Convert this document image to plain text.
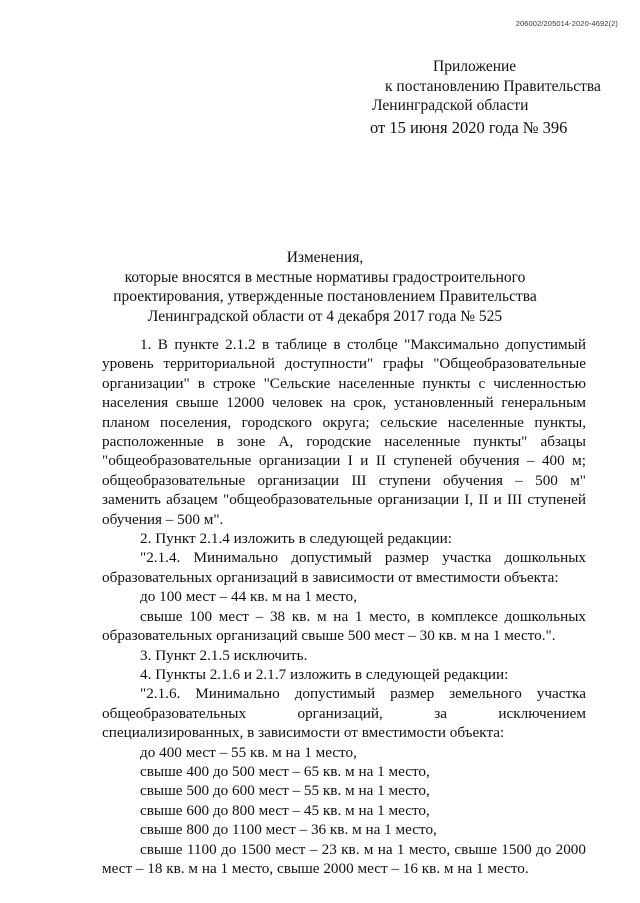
206002/205014-2020-4692(2)
Приложение
к постановлению Правительства
Ленинградской области
от 15 июня 2020 года № 396
Изменения,
которые вносятся в местные нормативы градостроительного
проектирования, утвержденные постановлением Правительства
Ленинградской области от 4 декабря 2017 года № 525

1. В пункте 2.1.2 в таблице в столбце "Максимально допустимый уровень территориальной доступности" графы "Общеобразовательные организации" в строке "Сельские населенные пункты с численностью населения свыше 12000 человек на срок, установленный генеральным планом поселения, городского округа; сельские населенные пункты, расположенные в зоне А, городские населенные пункты" абзацы "общеобразовательные организации I и II ступеней обучения – 400 м; общеобразовательные организации III ступени обучения – 500 м" заменить абзацем "общеобразовательные организации I, II и III ступеней обучения – 500 м".

2. Пункт 2.1.4 изложить в следующей редакции:

"2.1.4. Минимально допустимый размер участка дошкольных образовательных организаций в зависимости от вместимости объекта:

до 100 мест – 44 кв. м на 1 место,

свыше 100 мест – 38 кв. м на 1 место, в комплексе дошкольных образовательных организаций свыше 500 мест – 30 кв. м на 1 место.".

3. Пункт 2.1.5 исключить.

4. Пункты 2.1.6 и 2.1.7 изложить в следующей редакции:

"2.1.6. Минимально допустимый размер земельного участка общеобразовательных организаций, за исключением специализированных, в зависимости от вместимости объекта:

до 400 мест – 55 кв. м на 1 место,

свыше 400 до 500 мест – 65 кв. м на 1 место,

свыше 500 до 600 мест – 55 кв. м на 1 место,

свыше 600 до 800 мест – 45 кв. м на 1 место,

свыше 800 до 1100 мест – 36 кв. м на 1 место,

свыше 1100 до 1500 мест – 23 кв. м на 1 место, свыше 1500 до 2000 мест – 18 кв. м на 1 место, свыше 2000 мест – 16 кв. м на 1 место.
